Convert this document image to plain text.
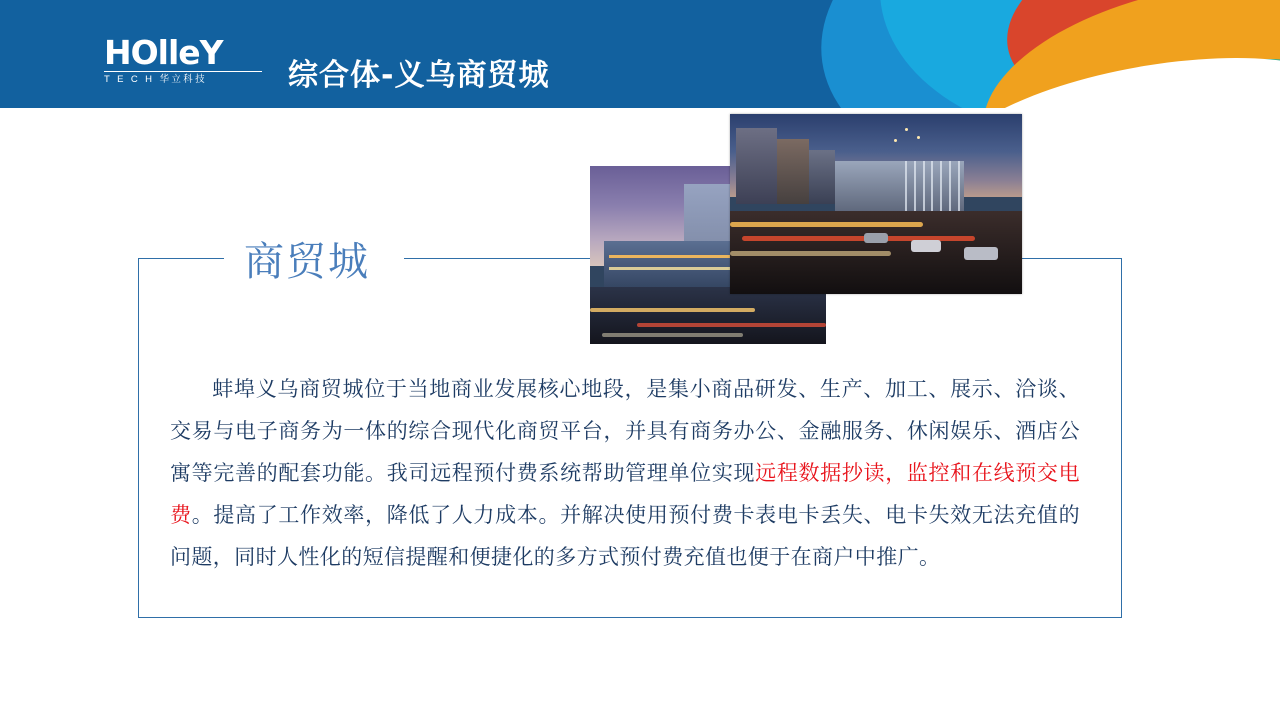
HOlleY
T E C H 华立科技	综合体-义乌商贸城
商贸城
蚌埠义乌商贸城位于当地商业发展核心地段，是集小商品研发、生产、加工、展示、洽谈、交易与电子商务为一体的综合现代化商贸平台，并具有商务办公、金融服务、休闲娱乐、酒店公寓等完善的配套功能。我司远程预付费系统帮助管理单位实现远程数据抄读，监控和在线预交电费。提高了工作效率，降低了人力成本。并解决使用预付费卡表电卡丢失、电卡失效无法充值的问题，同时人性化的短信提醒和便捷化的多方式预付费充值也便于在商户中推广。
